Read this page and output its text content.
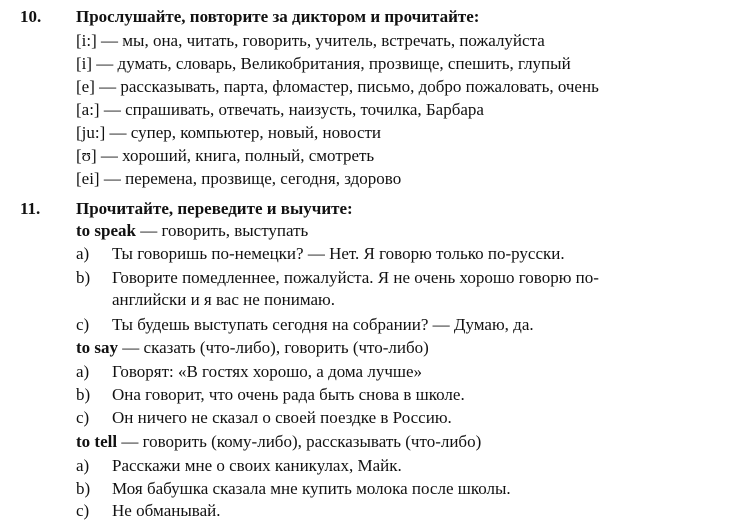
10. Прослушайте, повторите за диктором и прочитайте:
[i:] — мы, она, читать, говорить, учитель, встречать, пожалуйста
[i] — думать, словарь, Великобритания, прозвище, спешить, глупый
[e] — рассказывать, парта, фломастер, письмо, добро пожаловать, очень
[a:] — спрашивать, отвечать, наизусть, точилка, Барбара
[ju:] — супер, компьютер, новый, новости
[ʊ] — хороший, книга, полный, смотреть
[ei] — перемена, прозвище, сегодня, здорово
11. Прочитайте, переведите и выучите:
to speak — говорить, выступать
a) Ты говоришь по-немецки? — Нет. Я говорю только по-русски.
b) Говорите помедленнее, пожалуйста. Я не очень хорошо говорю по-
английски и я вас не понимаю.
c) Ты будешь выступать сегодня на собрании? — Думаю, да.
to say — сказать (что-либо), говорить (что-либо)
a) Говорят: «В гостях хорошо, а дома лучше»
b) Она говорит, что очень рада быть снова в школе.
c) Он ничего не сказал о своей поездке в Россию.
to tell — говорить (кому-либо), рассказывать (что-либо)
a) Расскажи мне о своих каникулах, Майк.
b) Моя бабушка сказала мне купить молока после школы.
c) Не обманывай.
